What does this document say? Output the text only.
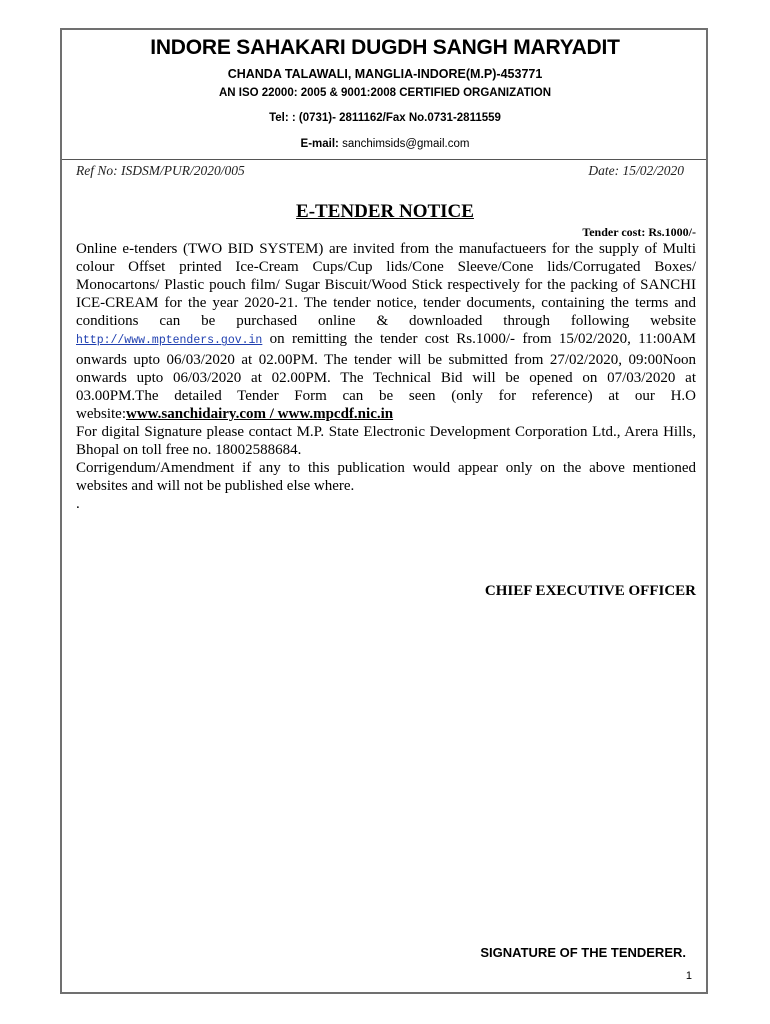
INDORE SAHAKARI DUGDH SANGH MARYADIT
CHANDA TALAWALI, MANGLIA-INDORE(M.P)-453771
AN ISO 22000: 2005 & 9001:2008 CERTIFIED ORGANIZATION
Tel: : (0731)- 2811162/Fax No.0731-2811559
E-mail: sanchimsids@gmail.com
Ref No: ISDSM/PUR/2020/005	Date: 15/02/2020
E-TENDER NOTICE
Tender cost: Rs.1000/-

Online e-tenders (TWO BID SYSTEM) are invited from the manufactueers for the supply of Multi colour Offset printed Ice-Cream Cups/Cup lids/Cone Sleeve/Cone lids/Corrugated Boxes/ Monocartons/ Plastic pouch film/ Sugar Biscuit/Wood Stick respectively for the packing of SANCHI ICE-CREAM for the year 2020-21. The tender notice, tender documents, containing the terms and conditions can be purchased online & downloaded through following website http://www.mptenders.gov.in on remitting the tender cost Rs.1000/- from 15/02/2020, 11:00AM onwards upto 06/03/2020 at 02.00PM. The tender will be submitted from 27/02/2020, 09:00Noon onwards upto 06/03/2020 at 02.00PM. The Technical Bid will be opened on 07/03/2020 at 03.00PM.The detailed Tender Form can be seen (only for reference) at our H.O website:www.sanchidairy.com / www.mpcdf.nic.in

For digital Signature please contact M.P. State Electronic Development Corporation Ltd., Arera Hills, Bhopal on toll free no. 18002588684.

Corrigendum/Amendment if any to this publication would appear only on the above mentioned websites and will not be published else where.

.

CHIEF EXECUTIVE OFFICER
SIGNATURE OF THE TENDERER.
1
